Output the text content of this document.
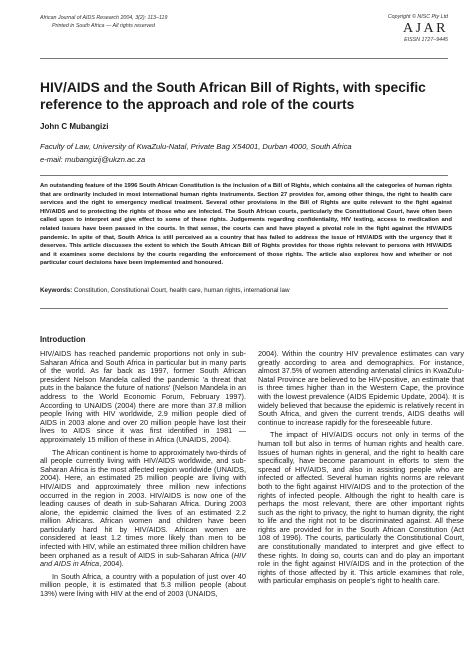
African Journal of AIDS Research 2004, 3(2): 113–119
Printed in South Africa — All rights reserved
Copyright © NISC Pty Ltd
AJAR
EISSN 1727–9445
HIV/AIDS and the South African Bill of Rights, with specific reference to the approach and role of the courts
John C Mubangizi
Faculty of Law, University of KwaZulu-Natal, Private Bag X54001, Durban 4000, South Africa
e-mail: mubangizij@ukzn.ac.za
An outstanding feature of the 1996 South African Constitution is the inclusion of a Bill of Rights, which contains all the categories of human rights that are ordinarily included in most international human rights instruments. Section 27 provides for, among other things, the right to health care services and the right to emergency medical treatment. Several other provisions in the Bill of Rights are quite relevant to the fight against HIV/AIDS and to protecting the rights of those who are infected. The South African courts, particularly the Constitutional Court, have often been called upon to interpret and give effect to some of these rights. Judgements regarding confidentiality, HIV testing, access to medication and related issues have been passed in the courts. In that sense, the courts can and have played a pivotal role in the fight against the HIV/AIDS pandemic. In spite of that, South Africa is still perceived as a country that has failed to address the issue of HIV/AIDS with the urgency that it deserves. This article discusses the extent to which the South African Bill of Rights provides for those rights relevant to persons with HIV/AIDS and it examines some decisions by the courts regarding the enforcement of those rights. The article also explores how and whether or not particular court decisions have been implemented and honoured.
Keywords: Constitution, Constitutional Court, health care, human rights, international law
Introduction

HIV/AIDS has reached pandemic proportions not only in sub-Saharan Africa and South Africa in particular but in many parts of the world. As far back as 1997, former South African president Nelson Mandela called the pandemic 'a threat that puts in the balance the future of nations' (Nelson Mandela in an address to the World Economic Forum, February 1997). According to UNAIDS (2004) there are more than 37.8 million people living with HIV worldwide, 2.9 million people died of AIDS in 2003 alone and over 20 million people have lost their lives to AIDS since it was first identified in 1981 — approximately 15 million of these in Africa (UNAIDS, 2004).

The African continent is home to approximately two-thirds of all people currently living with HIV/AIDS worldwide, and sub-Saharan Africa is the most affected region worldwide (UNAIDS, 2004). Here, an estimated 25 million people are living with HIV/AIDS and approximately three million new infections occurred in the region in 2003. HIV/AIDS is now one of the leading causes of death in sub-Saharan Africa. During 2003 alone, the epidemic claimed the lives of an estimated 2.2 million Africans. African women and children have been particularly hard hit by HIV/AIDS. African women are considered at least 1.2 times more likely than men to be infected with HIV, while an estimated three million children have been orphaned as a result of AIDS in sub-Saharan Africa (HIV and AIDS in Africa, 2004).

In South Africa, a country with a population of just over 40 million people, it is estimated that 5.3 million people (about 13%) were living with HIV at the end of 2003 (UNAIDS,

2004). Within the country HIV prevalence estimates can vary greatly according to area and demographics. For instance, almost 37.5% of women attending antenatal clinics in KwaZulu-Natal Province are believed to be HIV-positive, an estimate that is three times higher than in the Western Cape, the province with the lowest prevalence (AIDS Epidemic Update, 2004). It is widely believed that because the epidemic is relatively recent in South Africa, and given the current trends, AIDS deaths will continue to increase rapidly for the foreseeable future.

The impact of HIV/AIDS occurs not only in terms of the human toll but also in terms of human rights and health care. Issues of human rights in general, and the right to health care specifically, have become paramount in efforts to stem the spread of HIV/AIDS, and also in assisting people who are infected or affected. Several human rights norms are relevant both to the fight against HIV/AIDS and to the protection of the rights of infected people. Although the right to health care is perhaps the most relevant, there are other important rights such as the right to privacy, the right to human dignity, the right to life and the right not to be discriminated against. All these rights are provided for in the South African Constitution (Act 108 of 1996). The courts, particularly the Constitutional Court, are constitutionally mandated to interpret and give effect to these rights. In doing so, courts can and do play an important role in the fight against HIV/AIDS and in the protection of the rights of those affected by it. This article examines that role, with particular emphasis on people's right to health care.
